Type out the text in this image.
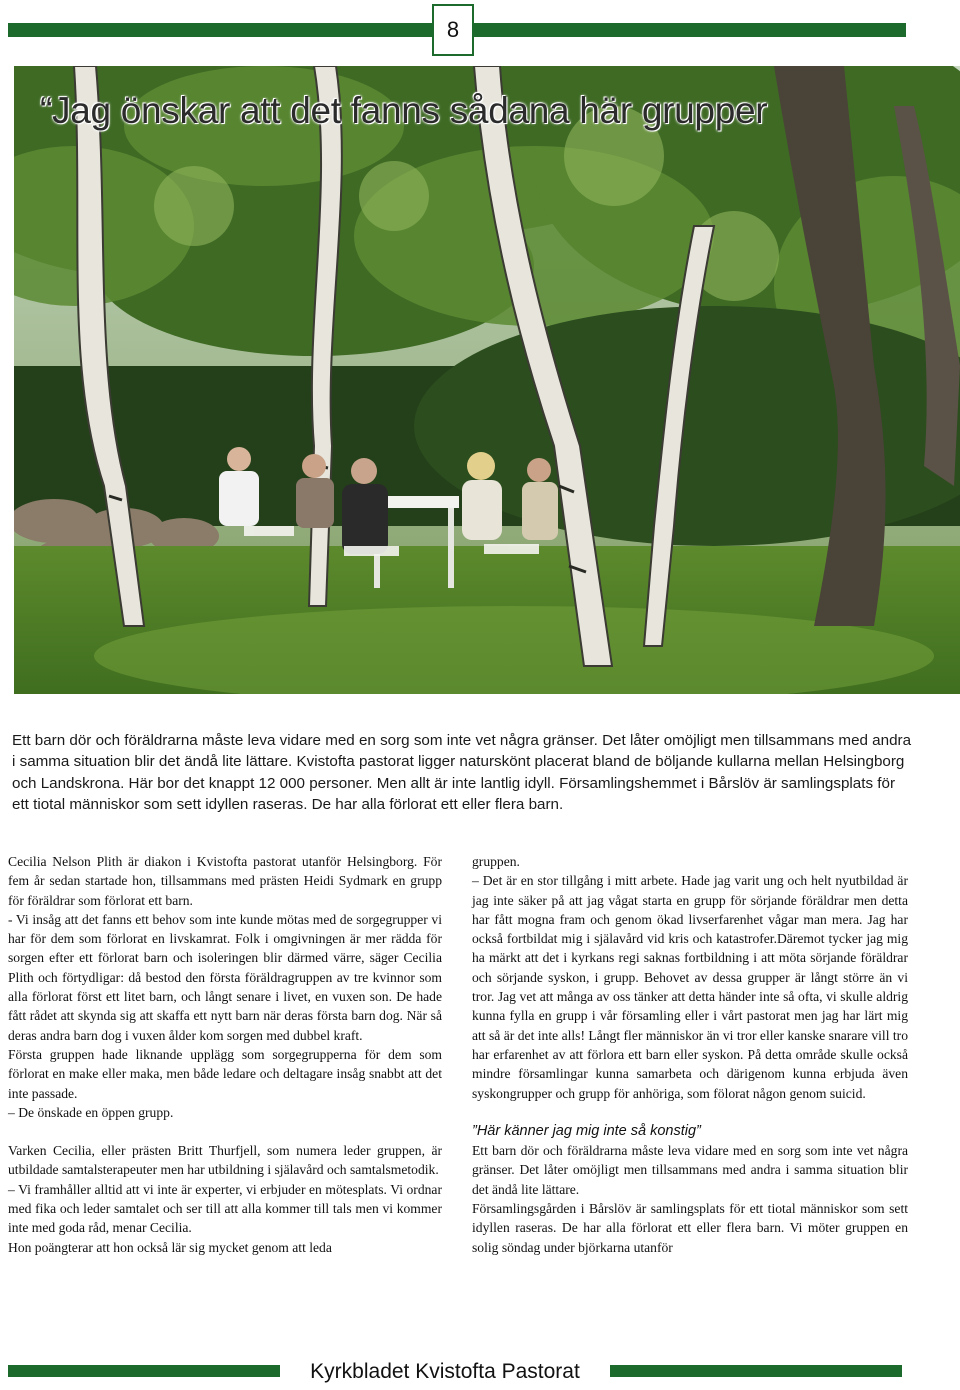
8
“Jag önskar att det fanns sådana här grupper

Ett barn dör och föräldrarna måste leva vidare med en sorg som inte vet några gränser. Det låter omöjligt men tillsammans med andra i samma situation blir det ändå lite lättare. Kvistofta pastorat ligger naturskönt placerat bland de böljande kullarna mellan Helsingborg och Landskrona. Här bor det knappt 12 000 personer. Men allt är inte lantlig idyll. Församlingshemmet i Bårslöv är samlingsplats för ett tiotal människor som sett idyllen raseras. De har alla förlorat ett eller flera barn.

Cecilia Nelson Plith är diakon i Kvistofta pastorat utanför Helsingborg. För fem år sedan startade hon, tillsammans med prästen Heidi Sydmark en grupp för föräldrar som förlorat ett barn.

- Vi insåg att det fanns ett behov som inte kunde mötas med de sorgegrupper vi har för dem som förlorat en livskamrat. Folk i omgivningen är mer rädda för sorgen efter ett förlorat barn och isoleringen blir därmed värre, säger Cecilia Plith och förtydligar: då bestod den första föräldragruppen av tre kvinnor som alla förlorat först ett litet barn, och långt senare i livet, en vuxen son. De hade fått rådet att skynda sig att skaffa ett nytt barn när deras första barn dog. När så deras andra barn dog i vuxen ålder kom sorgen med dubbel kraft.

Första gruppen hade liknande upplägg som sorgegrupperna för dem som förlorat en make eller maka, men både ledare och deltagare insåg snabbt att det inte passade.

– De önskade en öppen grupp.

Varken Cecilia, eller prästen Britt Thurfjell, som numera leder gruppen, är utbildade samtalsterapeuter men har utbildning i själavård och samtalsmetodik.

– Vi framhåller alltid att vi inte är experter, vi erbjuder en mötesplats. Vi ordnar med fika och leder samtalet och ser till att alla kommer till tals men vi kommer inte med goda råd, menar Cecilia.

Hon poängterar att hon också lär sig mycket genom att leda

gruppen.

– Det är en stor tillgång i mitt arbete. Hade jag varit ung och helt nyutbildad är jag inte säker på att jag vågat starta en grupp för sörjande föräldrar men detta har fått mogna fram och genom ökad livserfarenhet vågar man mera. Jag har också fortbildat mig i själavård vid kris och katastrofer.Däremot tycker jag mig ha märkt att det i kyrkans regi saknas fortbildning i att möta sörjande föräldrar och sörjande syskon, i grupp. Behovet av dessa grupper är långt större än vi tror. Jag vet att många av oss tänker att detta händer inte så ofta, vi skulle aldrig kunna fylla en grupp i vår församling eller i vårt pastorat men jag har lärt mig att så är det inte alls! Långt fler människor än vi tror eller kanske snarare vill tro har erfarenhet av att förlora ett barn eller syskon. På detta område skulle också mindre församlingar kunna samarbeta och därigenom kunna erbjuda även syskongrupper och grupp för anhöriga, som fölorat någon genom suicid.

”Här känner jag mig inte så konstig”

Ett barn dör och föräldrarna måste leva vidare med en sorg som inte vet några gränser. Det låter omöjligt men tillsammans med andra i samma situation blir det ändå lite lättare.

Församlingsgården i Bårslöv är samlingsplats för ett tiotal människor som sett idyllen raseras. De har alla förlorat ett eller flera barn. Vi möter gruppen en solig söndag under björkarna utanför

Kyrkbladet Kvistofta Pastorat
